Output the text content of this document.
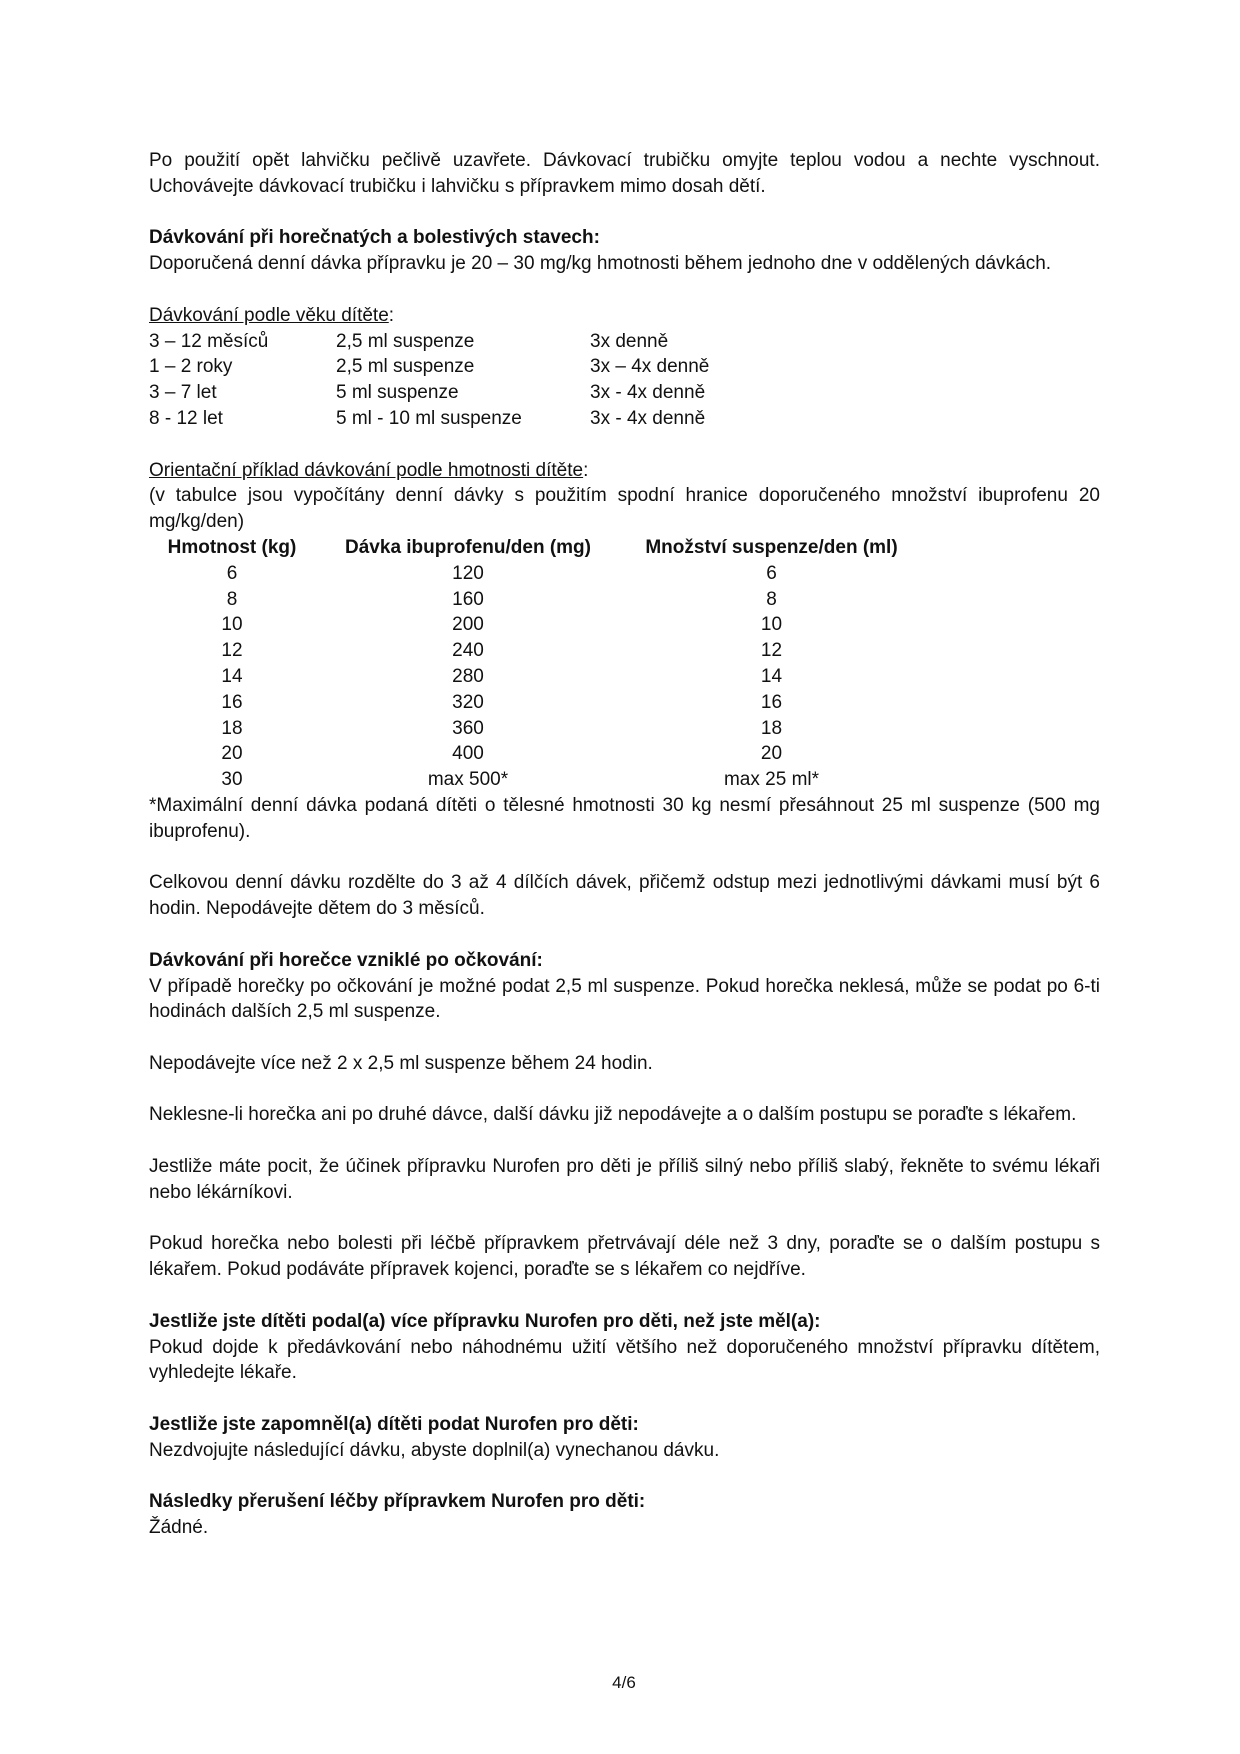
Po použití opět lahvičku pečlivě uzavřete. Dávkovací trubičku omyjte teplou vodou a nechte vyschnout. Uchovávejte dávkovací trubičku i lahvičku s přípravkem mimo dosah dětí.

Dávkování při horečnatých a bolestivých stavech:

Doporučená denní dávka přípravku je 20 – 30 mg/kg hmotnosti během jednoho dne v oddělených dávkách.

Dávkování podle věku dítěte:

3 – 12 měsíců	2,5 ml suspenze	3x denně
1 – 2 roky	2,5 ml suspenze	3x – 4x denně
3 – 7 let	5 ml suspenze	3x - 4x denně
8 - 12 let	5 ml - 10 ml suspenze	3x - 4x denně

Orientační příklad dávkování podle hmotnosti dítěte:

(v tabulce jsou vypočítány denní dávky s použitím spodní hranice doporučeného množství ibuprofenu 20 mg/kg/den)

Hmotnost (kg)	Dávka ibuprofenu/den (mg)	Množství suspenze/den (ml)
6	120	6
8	160	8
10	200	10
12	240	12
14	280	14
16	320	16
18	360	18
20	400	20
30	max 500*	max 25 ml*

*Maximální denní dávka podaná dítěti o tělesné hmotnosti 30 kg nesmí přesáhnout 25 ml suspenze (500 mg ibuprofenu).

Celkovou denní dávku rozdělte do 3 až 4 dílčích dávek, přičemž odstup mezi jednotlivými dávkami musí být 6 hodin. Nepodávejte dětem do 3 měsíců.

Dávkování při horečce vzniklé po očkování:

V případě horečky po očkování je možné podat 2,5 ml suspenze. Pokud horečka neklesá, může se podat po 6-ti hodinách dalších 2,5 ml suspenze.

Nepodávejte více než 2 x 2,5 ml suspenze během 24 hodin.

Neklesne-li horečka ani po druhé dávce, další dávku již nepodávejte a o dalším postupu se poraďte s lékařem.

Jestliže máte pocit, že účinek přípravku Nurofen pro děti je příliš silný nebo příliš slabý, řekněte to svému lékaři nebo lékárníkovi.

Pokud horečka nebo bolesti při léčbě přípravkem přetrvávají déle než 3 dny, poraďte se o dalším postupu s lékařem. Pokud podáváte přípravek kojenci, poraďte se s lékařem co nejdříve.

Jestliže jste dítěti podal(a) více přípravku Nurofen pro děti, než jste měl(a):

Pokud dojde k předávkování nebo náhodnému užití většího než doporučeného množství přípravku dítětem, vyhledejte lékaře.

Jestliže jste zapomněl(a) dítěti podat Nurofen pro děti:

Nezdvojujte následující dávku, abyste doplnil(a) vynechanou dávku.

Následky přerušení léčby přípravkem Nurofen pro děti:

Žádné.

4/6
